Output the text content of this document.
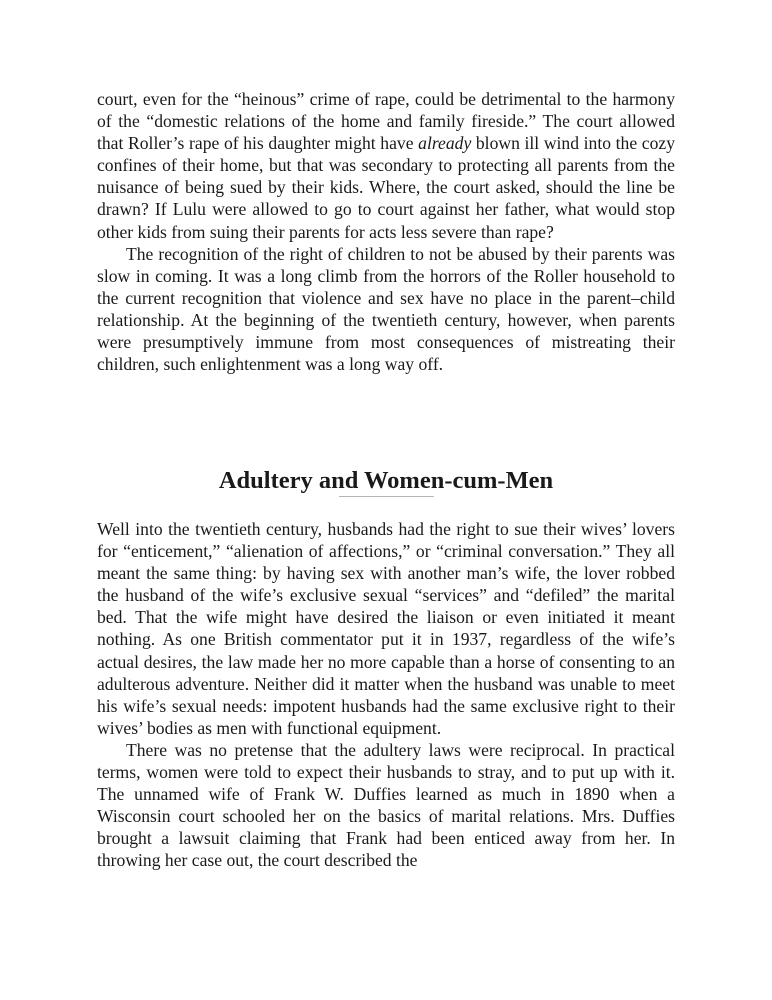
court, even for the “heinous” crime of rape, could be detrimental to the harmony of the “domestic relations of the home and family fireside.” The court allowed that Roller’s rape of his daughter might have already blown ill wind into the cozy confines of their home, but that was secondary to protecting all parents from the nuisance of being sued by their kids. Where, the court asked, should the line be drawn? If Lulu were allowed to go to court against her father, what would stop other kids from suing their parents for acts less severe than rape?

The recognition of the right of children to not be abused by their parents was slow in coming. It was a long climb from the horrors of the Roller household to the current recognition that violence and sex have no place in the parent–child relationship. At the beginning of the twentieth century, however, when parents were presumptively immune from most consequences of mistreating their children, such enlightenment was a long way off.

Adultery and Women-cum-Men

Well into the twentieth century, husbands had the right to sue their wives’ lovers for “enticement,” “alienation of affections,” or “criminal conversation.” They all meant the same thing: by having sex with another man’s wife, the lover robbed the husband of the wife’s exclusive sexual “services” and “defiled” the marital bed. That the wife might have desired the liaison or even initiated it meant nothing. As one British commentator put it in 1937, regardless of the wife’s actual desires, the law made her no more capable than a horse of consenting to an adulterous adventure. Neither did it matter when the husband was unable to meet his wife’s sexual needs: impotent husbands had the same exclusive right to their wives’ bodies as men with functional equipment.

There was no pretense that the adultery laws were reciprocal. In practical terms, women were told to expect their husbands to stray, and to put up with it. The unnamed wife of Frank W. Duffies learned as much in 1890 when a Wisconsin court schooled her on the basics of marital relations. Mrs. Duffies brought a lawsuit claiming that Frank had been enticed away from her. In throwing her case out, the court described the
